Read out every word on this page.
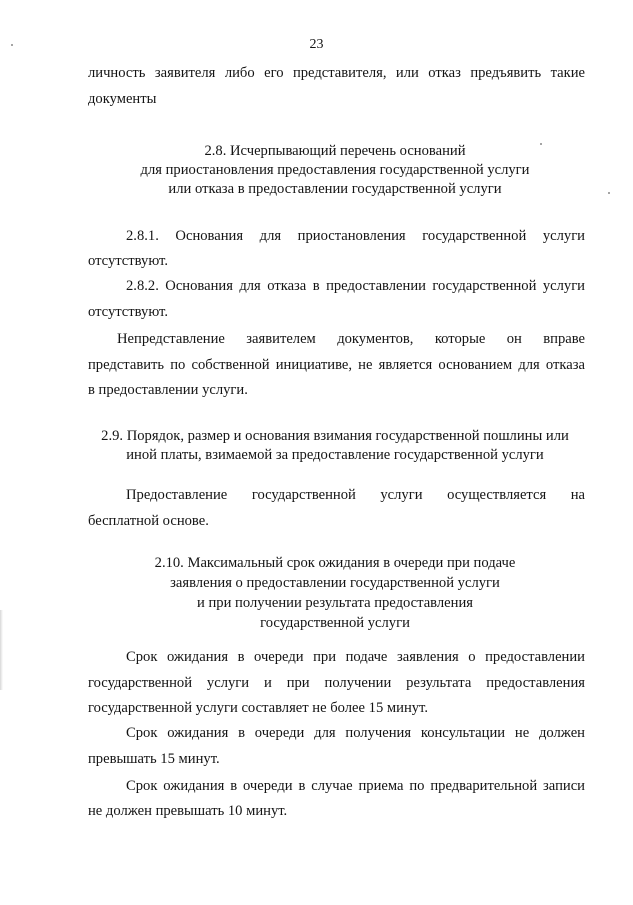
23
личность заявителя либо его представителя, или отказ предъявить такие
документы
2.8. Исчерпывающий перечень оснований
для приостановления предоставления государственной услуги
или отказа в предоставлении государственной услуги
2.8.1. Основания для приостановления государственной услуги
отсутствуют.
2.8.2. Основания для отказа в предоставлении государственной услуги
отсутствуют.
Непредставление заявителем документов, которые он вправе
представить по собственной инициативе, не является основанием для отказа
в предоставлении услуги.
2.9. Порядок, размер и основания взимания государственной пошлины или
иной платы, взимаемой за предоставление государственной услуги
Предоставление государственной услуги осуществляется на
бесплатной основе.
2.10. Максимальный срок ожидания в очереди при подаче
заявления о предоставлении государственной услуги
и при получении результата предоставления
государственной услуги
Срок ожидания в очереди при подаче заявления о предоставлении
государственной услуги и при получении результата предоставления
государственной услуги составляет не более 15 минут.
Срок ожидания в очереди для получения консультации не должен
превышать 15 минут.
Срок ожидания в очереди в случае приема по предварительной записи
не должен превышать 10 минут.
